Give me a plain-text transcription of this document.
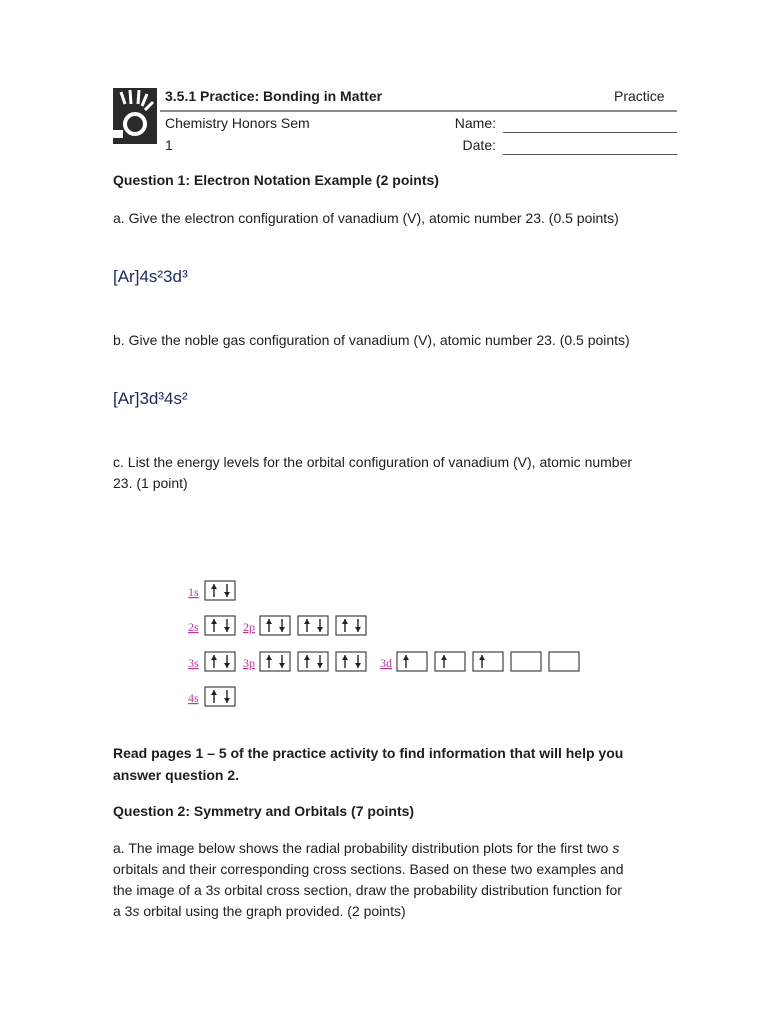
3.5.1 Practice: Bonding in Matter	Practice
Chemistry Honors Sem
1
Name:
Date:
Question 1: Electron Notation Example (2 points)
a. Give the electron configuration of vanadium (V), atomic number 23. (0.5 points)
[Ar]4s²3d³
b. Give the noble gas configuration of vanadium (V), atomic number 23. (0.5 points)
[Ar]3d³4s²
c. List the energy levels for the orbital configuration of vanadium (V), atomic number
23. (1 point)
1s
2s	2p
3s	3p	3d
4s
Read pages 1 – 5 of the practice activity to find information that will help you
answer question 2.
Question 2: Symmetry and Orbitals (7 points)
a. The image below shows the radial probability distribution plots for the first two s
orbitals and their corresponding cross sections. Based on these two examples and
the image of a 3s orbital cross section, draw the probability distribution function for
a 3s orbital using the graph provided. (2 points)
